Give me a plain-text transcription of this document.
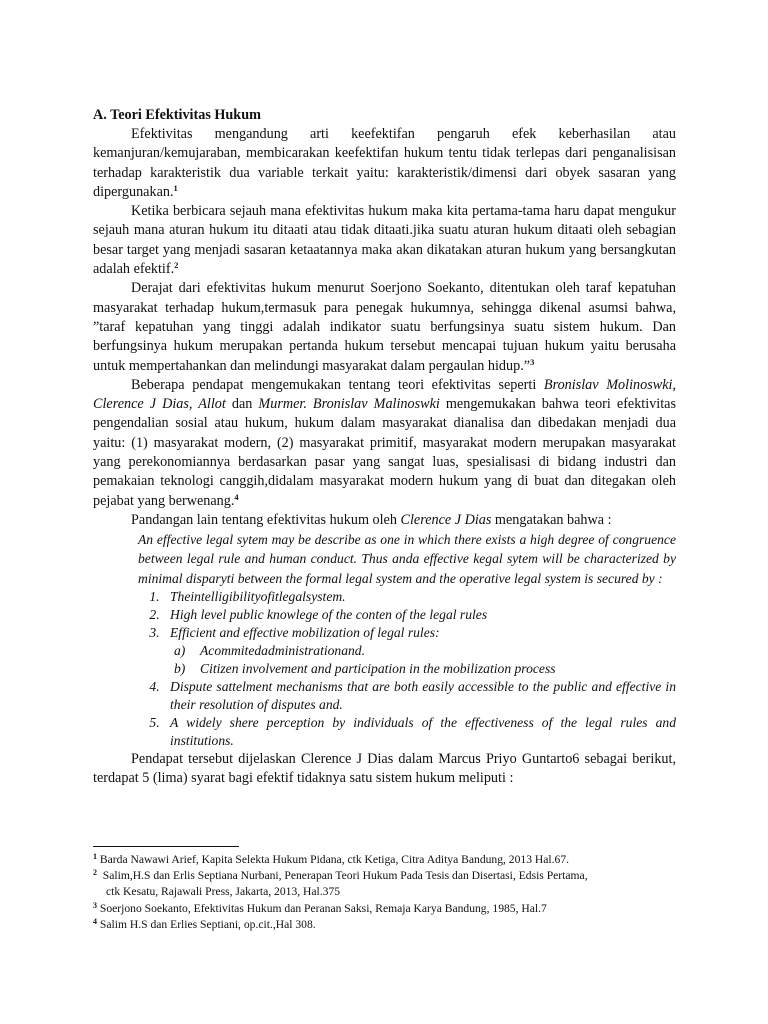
A. Teori Efektivitas Hukum

Efektivitas mengandung arti keefektifan pengaruh efek keberhasilan atau kemanjuran/kemujaraban, membicarakan keefektifan hukum tentu tidak terlepas dari penganalisisan terhadap karakteristik dua variable terkait yaitu: karakteristik/dimensi dari obyek sasaran yang dipergunakan.$^1$

Ketika berbicara sejauh mana efektivitas hukum maka kita pertama-tama haru dapat mengukur sejauh mana aturan hukum itu ditaati atau tidak ditaati.jika suatu aturan hukum ditaati oleh sebagian besar target yang menjadi sasaran ketaatannya maka akan dikatakan aturan hukum yang bersangkutan adalah efektif.$^2$

Derajat dari efektivitas hukum menurut Soerjono Soekanto, ditentukan oleh taraf kepatuhan masyarakat terhadap hukum,termasuk para penegak hukumnya, sehingga dikenal asumsi bahwa, ”taraf kepatuhan yang tinggi adalah indikator suatu berfungsinya suatu sistem hukum. Dan berfungsinya hukum merupakan pertanda hukum tersebut mencapai tujuan hukum yaitu berusaha untuk mempertahankan dan melindungi masyarakat dalam pergaulan hidup.”$^3$

Beberapa pendapat mengemukakan tentang teori efektivitas seperti Bronislav Molinoswki, Clerence J Dias, Allot dan Murmer. Bronislav Malinoswki mengemukakan bahwa teori efektivitas pengendalian sosial atau hukum, hukum dalam masyarakat dianalisa dan dibedakan menjadi dua yaitu: (1) masyarakat modern, (2) masyarakat primitif, masyarakat modern merupakan masyarakat yang perekonomiannya berdasarkan pasar yang sangat luas, spesialisasi di bidang industri dan pemakaian teknologi canggih,didalam masyarakat modern hukum yang di buat dan ditegakan oleh pejabat yang berwenang.$^4$

Pandangan lain tentang efektivitas hukum oleh Clerence J Dias mengatakan bahwa :

An effective legal sytem may be describe as one in which there exists a high degree of congruence between legal rule and human conduct. Thus anda effective kegal sytem will be characterized by minimal disparyti between the formal legal system and the operative legal system is secured by :

1. Theintelligibilityofitlegalsystem.
2. High level public knowlege of the conten of the legal rules
3. Efficient and effective mobilization of legal rules:
a) Acommitedadministrationand.
b) Citizen involvement and participation in the mobilization process
4. Dispute sattelment mechanisms that are both easily accessible to the public and effective in their resolution of disputes and.
5. A widely shere perception by individuals of the effectiveness of the legal rules and institutions.

Pendapat tersebut dijelaskan Clerence J Dias dalam Marcus Priyo Guntarto6 sebagai berikut, terdapat 5 (lima) syarat bagi efektif tidaknya satu sistem hukum meliputi :

$^1$ Barda Nawawi Arief, Kapita Selekta Hukum Pidana, ctk Ketiga, Citra Aditya Bandung, 2013 Hal.67.

$^2$ Salim,H.S dan Erlis Septiana Nurbani, Penerapan Teori Hukum Pada Tesis dan Disertasi, Edsis Pertama,
ctk Kesatu, Rajawali Press, Jakarta, 2013, Hal.375

$^3$ Soerjono Soekanto, Efektivitas Hukum dan Peranan Saksi, Remaja Karya Bandung, 1985, Hal.7

$^4$ Salim H.S dan Erlies Septiani, op.cit.,Hal 308.
